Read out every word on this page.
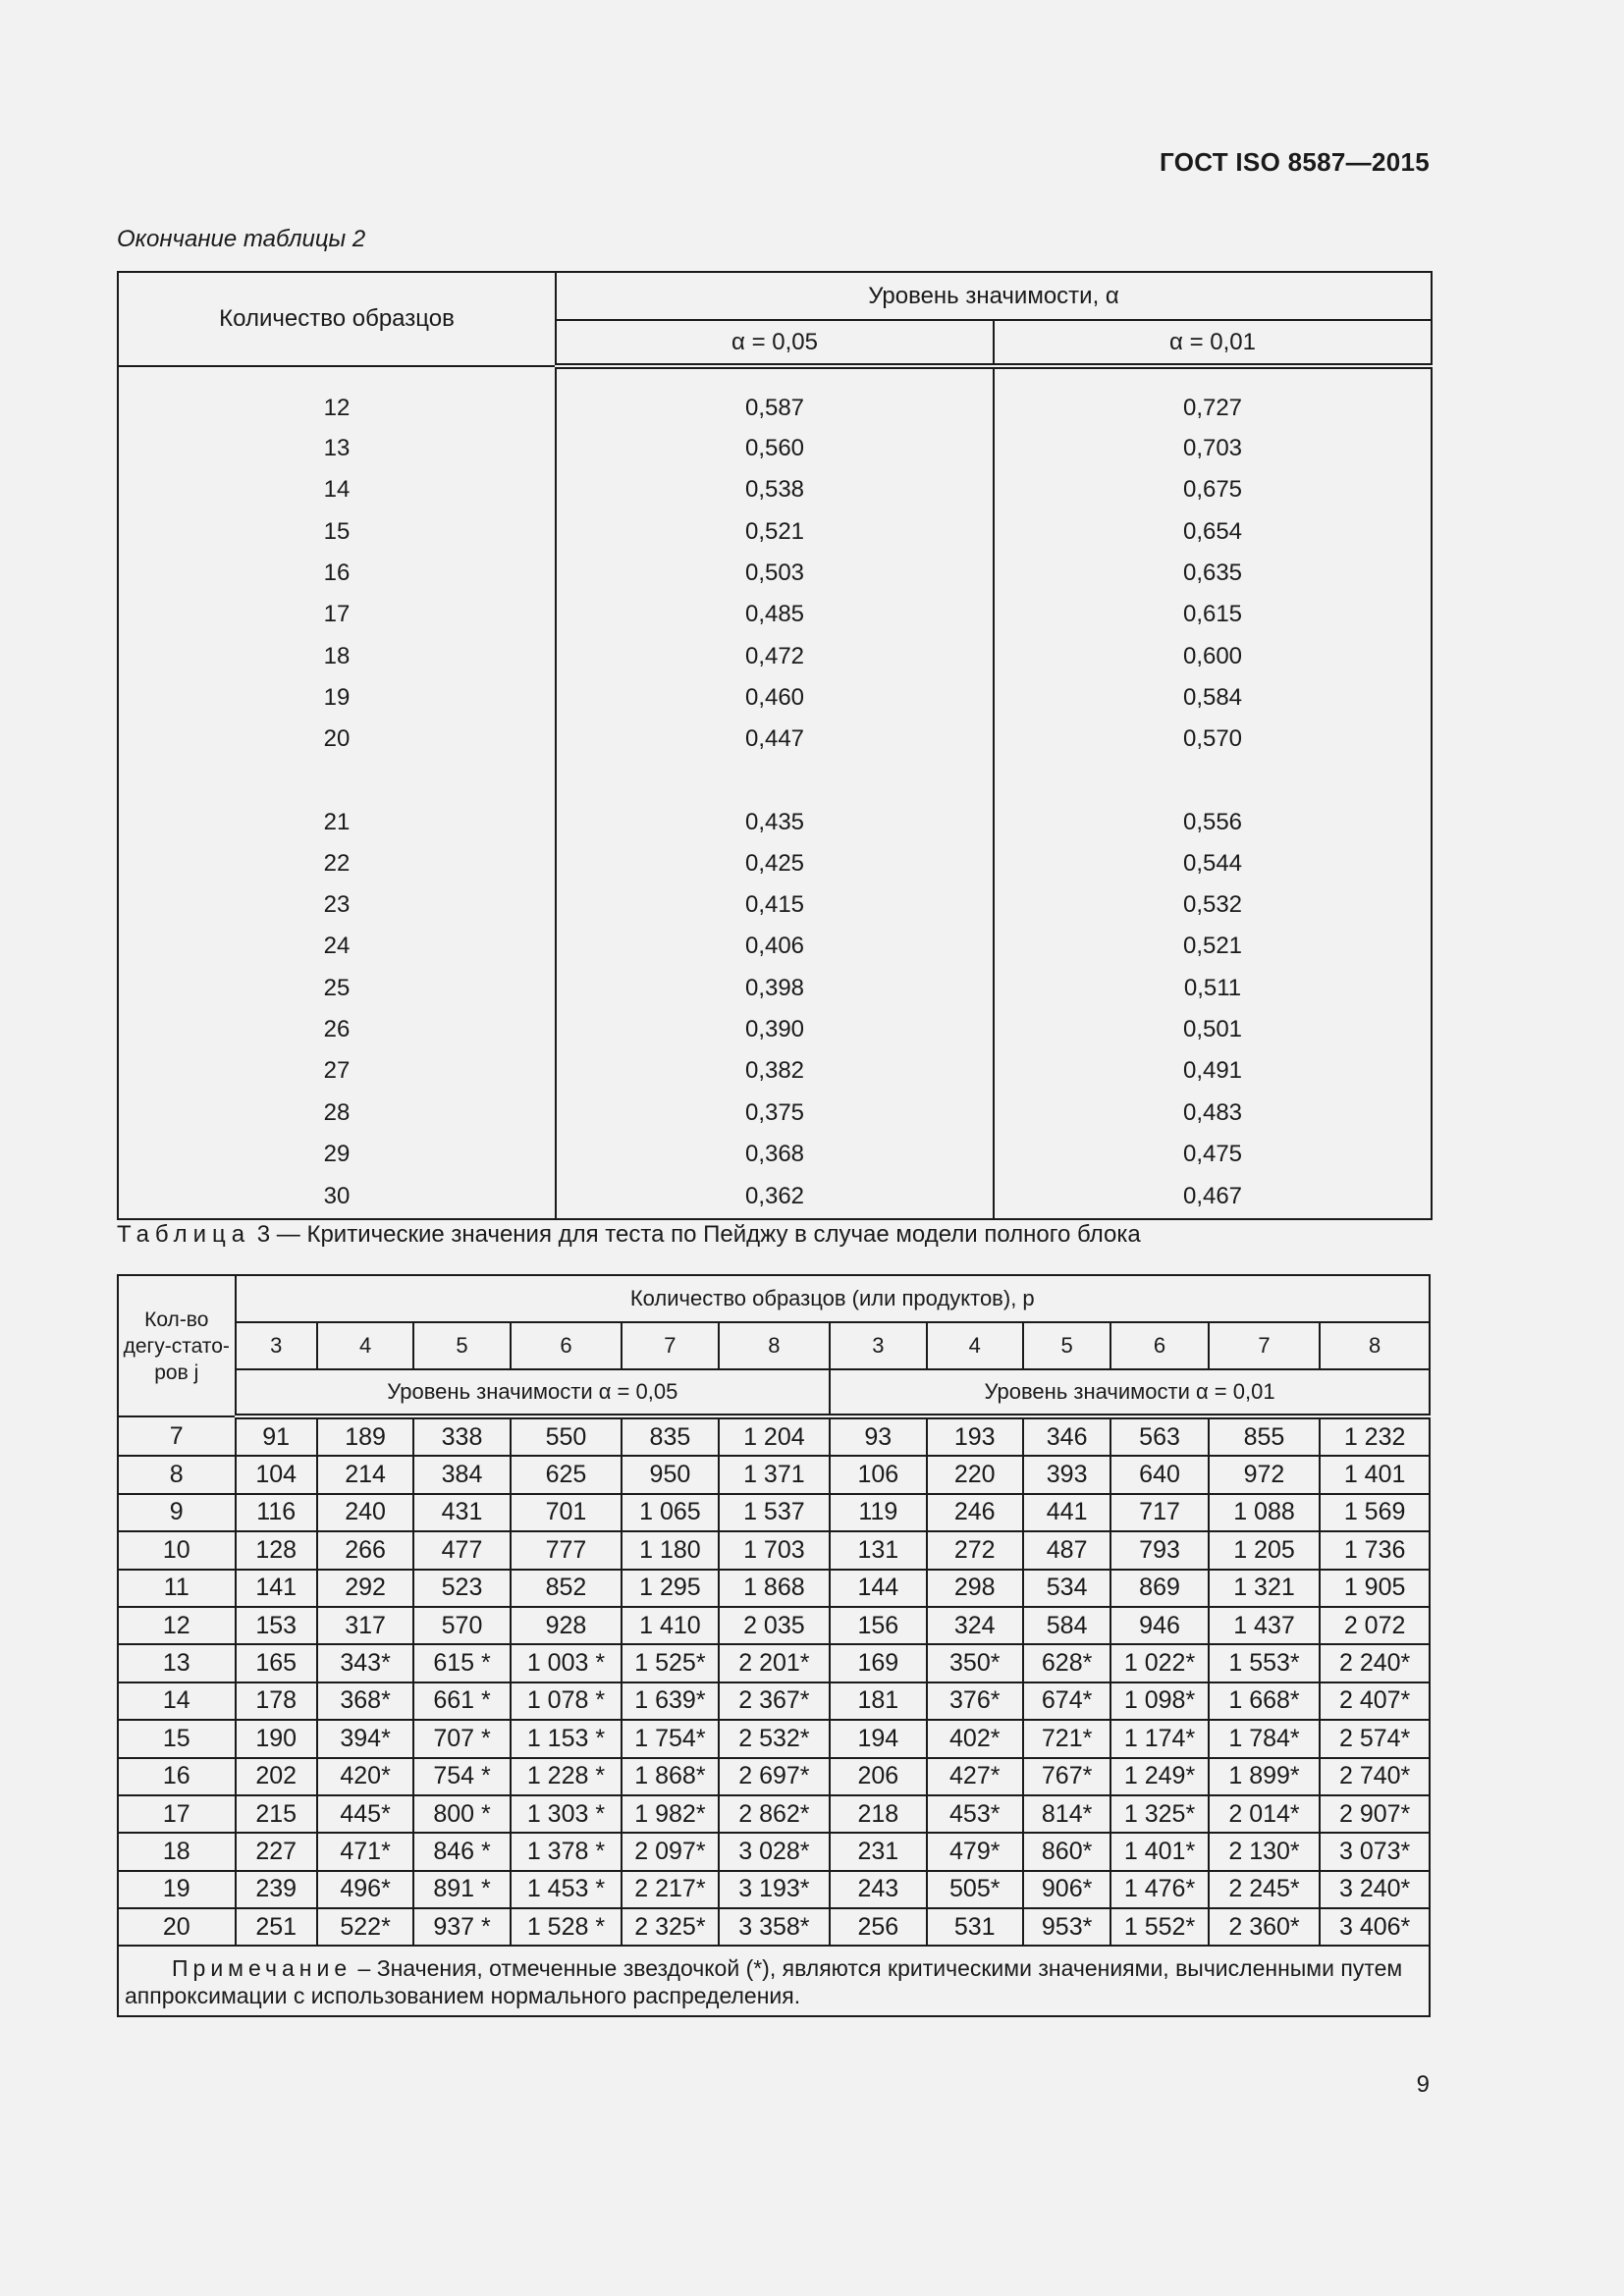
ГОСТ ISO 8587—2015
Окончание таблицы 2
Количество образцов	Уровень значимости, α	
	α = 0,05	α = 0,01
12	0,587	0,727
13	0,560	0,703
14	0,538	0,675
15	0,521	0,654
16	0,503	0,635
17	0,485	0,615
18	0,472	0,600
19	0,460	0,584
20	0,447	0,570

21	0,435	0,556
22	0,425	0,544
23	0,415	0,532
24	0,406	0,521
25	0,398	0,511
26	0,390	0,501
27	0,382	0,491
28	0,375	0,483
29	0,368	0,475
30	0,362	0,467
Таблица 3 — Критические значения для теста по Пейджу в случае модели полного блока
Кол-во дегу-стато-ров j	Количество образцов (или продуктов), p											
	3	4	5	6	7	8	3	4	5	6	7	8
	Уровень значимости α = 0,05						Уровень значимости α = 0,01					
7	91	189	338	550	835	1 204	93	193	346	563	855	1 232
8	104	214	384	625	950	1 371	106	220	393	640	972	1 401
9	116	240	431	701	1 065	1 537	119	246	441	717	1 088	1 569
10	128	266	477	777	1 180	1 703	131	272	487	793	1 205	1 736
11	141	292	523	852	1 295	1 868	144	298	534	869	1 321	1 905
12	153	317	570	928	1 410	2 035	156	324	584	946	1 437	2 072
13	165	343*	615 *	1 003 *	1 525*	2 201*	169	350*	628*	1 022*	1 553*	2 240*
14	178	368*	661 *	1 078 *	1 639*	2 367*	181	376*	674*	1 098*	1 668*	2 407*
15	190	394*	707 *	1 153 *	1 754*	2 532*	194	402*	721*	1 174*	1 784*	2 574*
16	202	420*	754 *	1 228 *	1 868*	2 697*	206	427*	767*	1 249*	1 899*	2 740*
17	215	445*	800 *	1 303 *	1 982*	2 862*	218	453*	814*	1 325*	2 014*	2 907*
18	227	471*	846 *	1 378 *	2 097*	3 028*	231	479*	860*	1 401*	2 130*	3 073*
19	239	496*	891 *	1 453 *	2 217*	3 193*	243	505*	906*	1 476*	2 245*	3 240*
20	251	522*	937 *	1 528 *	2 325*	3 358*	256	531	953*	1 552*	2 360*	3 406*
Примечание – Значения, отмеченные звездочкой (*), являются критическими значениями, вычисленными путем аппроксимации с использованием нормального распределения.												
9
